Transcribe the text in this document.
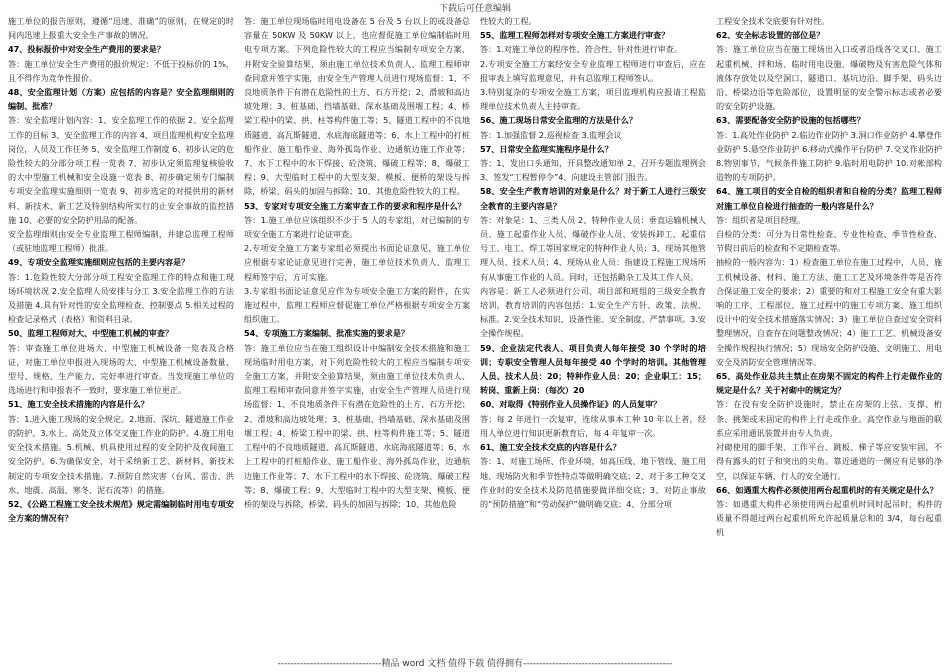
下载后可任意编辑

施工单位的报告原则，遵循“迅速、准确”的原则，在规定的时间内迅速上报重大安全生产事故的情况。

47、投标报价中对安全生产费用的要求是？

答：施工单位安全生产费用的报价规定：不低于投标价的 1%，且不得作为竞争性报价。

48、安全监理计划（方案）应包括的内容是？安全监理细则的编制、批准？

答：安全监理计划内容：1、安全监理工作的依据 2、安全监理工作的目标 3、安全监理工作的内容 4、项目监理机构安全监理岗位，人员及工作任务 5、安全监理工作制度 6、初步认定的危险性较大的分部分项工程一览表 7、初步认定须监理复核验收的大中型施工机械和安全设施一览表 8、初步确定须专门编制专项安全监理实施细则一览表 9、初步选定的对提供用的新材料、新技术、新工艺及特别结构所实行的止安全事故的监控措施 10、必要的安全防护用品的配备。

安全监理细则由安全专业监理工程师编制，并建总监理工程师（或驻地监理工程师）批准。

49、专项安全监理实施细则应包括的主要内容是？

答：1.危险性较大分部分项工程安全监理工作的特点和施工现场环境状况 2.安全监理人员安排与分工 3.安全监理工作的方法及措施 4.具有针对性的安全监理检查、控制要点 5.相关过程的检查记录格式（表格）和资料目录。

50、监理工程师对大、中型施工机械的审查？

答：审查施工单位进场大、中型施工机械设备一览表及合格证，对施工单位申报进入现场的大、中型施工机械设备数量、型号、规格、生产能力、完好率进行审查。当发现施工单位的选场进行和申报表不一致时，要求施工单位更正。

51、施工安全技术措施的内容是什么？

答：1.进入施工现场的安全规定。2.地面、深坑、隧道施工作业的防护。3.水上、高处及立体交叉施工作业的防护。4.施工用电安全技术措施。5.机械、机具使用过程的安全防护及夜间施工安全防护。6.为确保安全，对于采纳新工艺、新材料、新技术制定的专项安全技术措施。7.预防自然灾害（台风、雷击、洪水、地震、高温、寒冬、泥石流等）的措施。

52、《公路工程施工安全技术规范》规定需编制临时用电专项安全方案的情况有？

答：施工单位现场临时用电设备在 5 台及 5 台以上的或设备总容量在 50KW 及 50KW 以上，也应督促施工单位编制临时用电专项方案。下列危险性较大的工程应当编制专项安全方案，并附安全验算结果，须由施工单位技术负责人、监理工程师审查同意并签字实施，由安全生产管理人员进行现场监督：1、不良地质条件下有潜在危险性的土方、石方开挖；2、滑坡和高边坡处理；3、桩基础、挡墙基础、深水基础及围堰工程；4、桥梁工程中的梁、拱、柱等构件施工等；5、隧道工程中的不良地质隧道、高瓦斯隧道、水底海底隧道等；6、水上工程中的打桩船作业、施工船作业、海外孤岛作业、边通航边施工作业等；7、水下工程中的水下焊接、砼浇筑、爆破工程等；8、爆破工程；9、大型临时工程中的大型支架、模板、便桥的架设与拆除，桥梁、码头的加固与拆除；10、其他危险性较大的工程。

53、专家对专项安全施工方案审查工作的要求和程序是什么？

答：1.施工单位应该组织不少于 5 人的专家组，对已编制的专项安全施工方案进行论证审查。

2.专项安全施工方案专家组必须提出书面论证意见，施工单位应根据专家论证意见进行完善，施工单位技术负责人、监理工程师签字后，方可实施。

3.专家组书面论证意见应作为专项安全施工方案的附件，在实施过程中，监理工程师应督促施工单位严格根据专项安全方案组织施工。

54、专项施工方案编制、批准实施的要求是？

答：施工单位应当在施工组织设计中编制安全技术措施和施工现场临时用电方案，对下列危险性较大的工程应当编制专项安全施工方案，并附安全验算结果，须由施工单位技术负责人、监理工程师审查同意并签字实施，由安全生产管理人员进行现场监督：1、不良地质条件下有潜在危险性的土方、石方开挖；2、滑坡和高边坡处理；3、桩基础、挡墙基础、深水基础及围堰工程；4、桥梁工程中的梁、拱、柱等构件施工等；5、隧道工程中的不良地质隧道、高瓦斯隧道、水底海底隧道等；6、水上工程中的打桩船作业、施工船作业、海外孤岛作业、边通航边施工作业等；7、水下工程中的水下焊接、砼浇筑、爆破工程等；8、爆破工程；9、大型临时工程中的大型支架、模板、便桥的架设与拆除，桥梁、码头的加固与拆除；10、其他危险

性较大的工程。

55、监理工程师怎样对专项安全施工方案进行审查？

答：1.对施工单位的程序性、符合性、针对性进行审查。

2.专项安全施工方案经安全专业监理工程师进行审查后，应在报审表上填写监理意见，并有总监理工程师签认。

3.特别复杂的专项安全施工方案，项目监理机构应报请工程监理单位技术负责人主持审查。

56、施工现场日常安全监理的方法是什么？

答：1.加强监督 2.巡视检查 3.监理会议

57、日常安全监理实施程序是什么？

答：1、发出口头通知，开具整改通知单 2、召开专题监理例会 3、签发“工程暂停令”4、向建设主管部门报告。

58、安全生产教育培训的对象是什么？对于新工人进行三级安全教育的主要内容是？

答：对象是：1、三类人员 2、特种作业人员：垂直运输机械人员、施工起重作业人员、爆破作业人员、安装拆卸工、起重信号工、电工、焊工等国家规定的特种作业人员；3、现场其他管理人员、技术人员；4、现场从业人员：指建设工程施工现场所有从事施工作业的人员。同时，还包括勤杂工及其工作人员。

内容是：新工人必须进行公司、项目部和班组的三级安全教育培训，教育培训的内容包括：1.安全生产方针、政策、法规、标准。2.安全技术知识、设备性能、安全制度、严禁事项。3.安全操作规程。

59、企业法定代表人、项目负责人每年接受 30 个学时的培训；专职安全管理人员每年接受 40 个学时的培训。其他管理人员、技术人员：20；特种作业人员：20；企业职工：15；转岗、重新上岗：（每次）20

60、对取得《特别作业人员操作证》的人员复审？

答：每 2 年进行一次复审，连续从事本工种 10 年以上者，经用人单位进行知识更新教育后，每 4 年复审一次。

61、施工安全技术交底的内容是什么？

答：1、对施工场所、作业环境，如高压线、地下管线、施工用地、现场防火和季节性特点等做明确交底；2、对于多工种交叉作业时的安全技术及防范措施要做详细交底；3、对防止事故的“预防措施”和“劳动保护”做明确交底；4、分部分项

工程安全技术交底要有针对性。

62、安全标志设置的部位是？

答：施工单位应当在施工现场出入口或者沿线各交叉口、施工起重机械、拌和场、临时用电设施、爆破物及有害危险气体和液体存放处以及空洞口、隧道口、基坑边沿、脚手架、码头边沿、桥梁边沿等危险部位，设置明显的安全警示标志或者必要的安全防护设施。

63、需要配备安全防护设施的包括哪些？

答：1.高处作业防护 2.临边作业防护 3.洞口作业防护 4.攀登作业防护 5.悬空作业防护 6.移动式操作平台防护 7.交叉作业防护 8.物别事节，气候条件施工防护 9.临时用电防护 10.对帐部构造物的专项防护。

64、施工项目的安全自检的组织者和自检的分类？监理工程师对施工单位自检进行抽查的一般内容是什么？

答：组织者是项目经理。

自检的分类：可分为日常性检查、专业性检查、季节性检查、节假日前后的检查和不定期检查等。

抽检的一般内容为：1）检查施工单位在施工过程中，人员、施工机械设备、材料、施工方法、施工工艺及环境条件等是否符合保证施工安全的要求；2）重要的和对工程施工安全有重大影响的工序、工程部位、施工过程中的施工专项方案、施工组织设计中的安全技术措施落实情况；3）施工单位自查过安全资料整理情况，自查存在问题整改情况；4）施工工艺、机械设备安全操作规程执行情况；5）现场安全防护设施、文明施工、用电安全及消防安全管理情况等。

65、高处作业总共主禁止在房架不固定的构件上行走做作业的规定是什么？关于衬砌中的规定为？

答：在没有安全防护设施时，禁止在房架的上弦、支撑、桁条、挑架或未固定的构件上行走或作业。高空作业与地面的联系应采用通讯装置并由专人负责。

衬砌使用的脚手架、工作平台、跳板、梯子等应安装牢固，不得有露头的钉子和突出的尖角。靠近通道的一侧应有足够的净空，以保证车辆、行人的安全通行。

66、如遇重大构件必须使用两台起重机时的有关规定是什么？

答：如遇重大构件必须使用两台起重机时同时起吊时，构件的质量不得超过两台起重机所允许起质量总和的 3/4，每台起重机

--------------------------------精品 word 文档 值得下载 值得拥有----------------------------------------------
